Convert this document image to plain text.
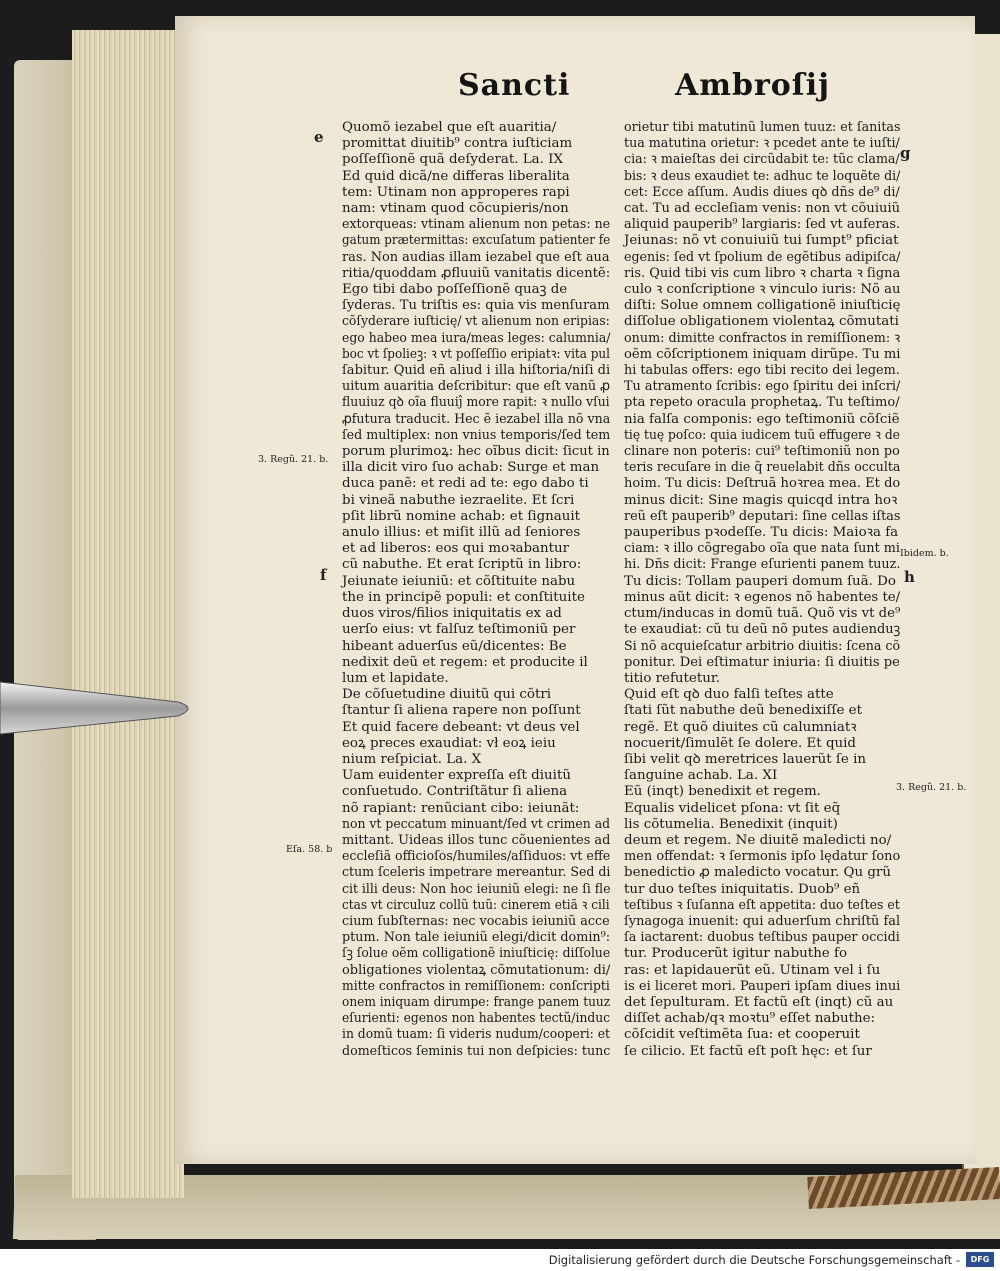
Sancti	Ambroſij

Quomõ iezabel que eſt auaritia/

promittat diuitib⁹ contra iuſticiam

poſſeſſionẽ quã deſyderat. La. IX

Ed quid dicã/ne differas liberalita

tem: Utinam non approperes rapi

nam: vtinam quod cõcupieris/non

extorqueas: vtinam alienum non petas: ne

gatum prætermittas: excuſatum patienter fe

ras. Non audias illam iezabel que eſt aua

ritia/quoddam ꝓfluuiũ vanitatis dicentẽ:

Ego tibi dabo poſſeſſionẽ quaꝫ de

ſyderas. Tu triſtis es: quia vis menſuram

cõſyderare iuſticię/ vt alienum non eripias:

ego habeo mea iura/meas leges: calumnia/

boc vt ſpolieꝫ: ꝛ vt poſſeſſio eripiatꝛ: vita pul

ſabitur. Quid eñ aliud i illa hiſtoria/niſi di

uitum auaritia deſcribitur: que eſt vanũ ꝓ

fluuiuz qꝺ oĩa fluuiĵ more rapit: ꝛ nullo vſui

ꝓfutura traducit. Hec ẽ iezabel illa nõ vna

ſed multiplex: non vnius temporis/ſed tem

porum plurimoꝝ: hec oĩbus dicit: ſicut in

illa dicit viro ſuo achab: Surge et man

duca panẽ: et redi ad te: ego dabo ti

bi vineã nabuthe iezraelite. Et ſcri

pſit librũ nomine achab: et ſignauit

anulo illius: et miſit illũ ad ſeniores

et ad liberos: eos qui moꝛabantur

cũ nabuthe. Et erat ſcriptũ in libro:

Jeiunate ieiuniũ: et cõſtituite nabu

the in principẽ populi: et conſtituite

duos viros/filios iniquitatis ex ad

uerſo eius: vt falſuz teſtimoniũ per

hibeant aduerſus eũ/dicentes: Be

nedixit deũ et regem: et producite il

lum et lapidate.

De cõſuetudine diuitũ qui cõtri

ſtantur ſi aliena rapere non poſſunt

Et quid facere debeant: vt deus vel

eoꝝ preces exaudiat: vł eoꝝ ieiu

nium reſpiciat. La. X

Uam euidenter expreſſa eſt diuitũ

conſuetudo. Contriſtãtur ſi aliena

nõ rapiant: renũciant cibo: ieiunãt:

non vt peccatum minuant/ſed vt crimen ad

mittant. Uideas illos tunc cõuenientes ad

eccleſiã officioſos/humiles/aſſiduos: vt effe

ctum ſceleris impetrare mereantur. Sed di

cit illi deus: Non hoc ieiuniũ elegi: ne ſi fle

ctas vt circuluz collũ tuũ: cinerem etiã ꝛ cili

cium ſubſternas: nec vocabis ieiuniũ acce

ptum. Non tale ieiuniũ elegi/dicit domin⁹:

ſꝫ ſolue oẽm colligationẽ iniuſticię: diſſolue

obligationes violentaꝝ cõmutationum: di/

mitte confractos in remiſſionem: conſcripti

onem iniquam dirumpe: frange panem tuuz

eſurienti: egenos non habentes tectũ/induc

in domũ tuam: ſi videris nudum/cooperi: et

domeſticos ſeminis tui non deſpicies: tunc

orietur tibi matutinũ lumen tuuz: et ſanitas

tua matutina orietur: ꝛ pcedet ante te iuſti/

cia: ꝛ maieſtas dei circũdabit te: tũc clama/

bis: ꝛ deus exaudiet te: adhuc te loquẽte di/

cet: Ecce aſſum. Audis diues qꝺ dñs de⁹ di/

cat. Tu ad eccleſiam venis: non vt cõuiuiũ

aliquid pauperib⁹ largiaris: ſed vt auferas.

Jeiunas: nõ vt conuiuiũ tui ſumpt⁹ pficiat

egenis: ſed vt ſpolium de egẽtibus adipiſca/

ris. Quid tibi vis cum libro ꝛ charta ꝛ ſigna

culo ꝛ conſcriptione ꝛ vinculo iuris: Nõ au

diſti: Solue omnem colligationẽ iniuſticię

diſſolue obligationem violentaꝝ cõmutati

onum: dimitte confractos in remiſſionem: ꝛ

oẽm cõſcriptionem iniquam dirũpe. Tu mi

hi tabulas offers: ego tibi recito dei legem.

Tu atramento ſcribis: ego ſpiritu dei inſcri/

pta repeto oracula prophetaꝝ. Tu teſtimo/

nia falſa componis: ego teſtimoniũ cõſciẽ

tię tuę poſco: quia iudicem tuũ effugere ꝛ de

clinare non poteris: cui⁹ teſtimoniũ non po

teris recuſare in die q̃ reuelabit dñs occulta

hoim. Tu dicis: Deſtruã hoꝛrea mea. Et do

minus dicit: Sine magis quicqd intra hoꝛ

reũ eſt pauperib⁹ deputari: ſine cellas iſtas

pauperibus pꝛodeſſe. Tu dicis: Maioꝛa fa

ciam: ꝛ illo cõgregabo oĩa que nata ſunt mi

hi. Dñs dicit: Frange eſurienti panem tuuz.

Tu dicis: Tollam pauperi domum ſuã. Do

minus aũt dicit: ꝛ egenos nõ habentes te/

ctum/inducas in domũ tuã. Quõ vis vt de⁹

te exaudiat: cũ tu deũ nõ putes audienduꝫ

Si nõ acquieſcatur arbitrio diuitis: ſcena cõ

ponitur. Dei eſtimatur iniuria: ſi diuitis pe

titio refutetur.

Quid eſt qꝺ duo falſi teſtes atte

ſtati ſũt nabuthe deũ benedixiſſe et

regẽ. Et quõ diuites cũ calumniatꝛ

nocuerit/ſimulẽt ſe dolere. Et quid

ſibi velit qꝺ meretrices lauerũt ſe in

ſanguine achab. La. XI

Eũ (inqt) benedixit et regem.

Equalis videlicet pſona: vt ſit eq̃

lis cõtumelia. Benedixit (inquit)

deum et regem. Ne diuitẽ maledicti no/

men offendat: ꝛ ſermonis ipſo lędatur ſono

benedictio ꝓ maledicto vocatur. Qu grũ

tur duo teſtes iniquitatis. Duob⁹ eñ

teſtibus ꝛ ſuſanna eſt appetita: duo teſtes et

ſynagoga inuenit: qui aduerſum chriſtũ fal

ſa iactarent: duobus teſtibus pauper occidi

tur. Producerũt igitur nabuthe fo

ras: et lapidauerũt eũ. Utinam vel i ſu

is ei liceret mori. Pauperi ipſam diues inui

det ſepulturam. Et factũ eſt (inqt) cũ au

diſſet achab/qꝛ moꝛtu⁹ eſſet nabuthe:

cõſcidit veſtimẽta ſua: et cooperuit

ſe cilicio. Et factũ eſt poſt hęc: et ſur

e
f
g
h
3. Regũ. 21. b.
Eſa. 58. b
Ibidem. b.
3. Regũ. 21. b.
Digitalisierung gefördert durch die Deutsche Forschungsgemeinschaft -	DFG
